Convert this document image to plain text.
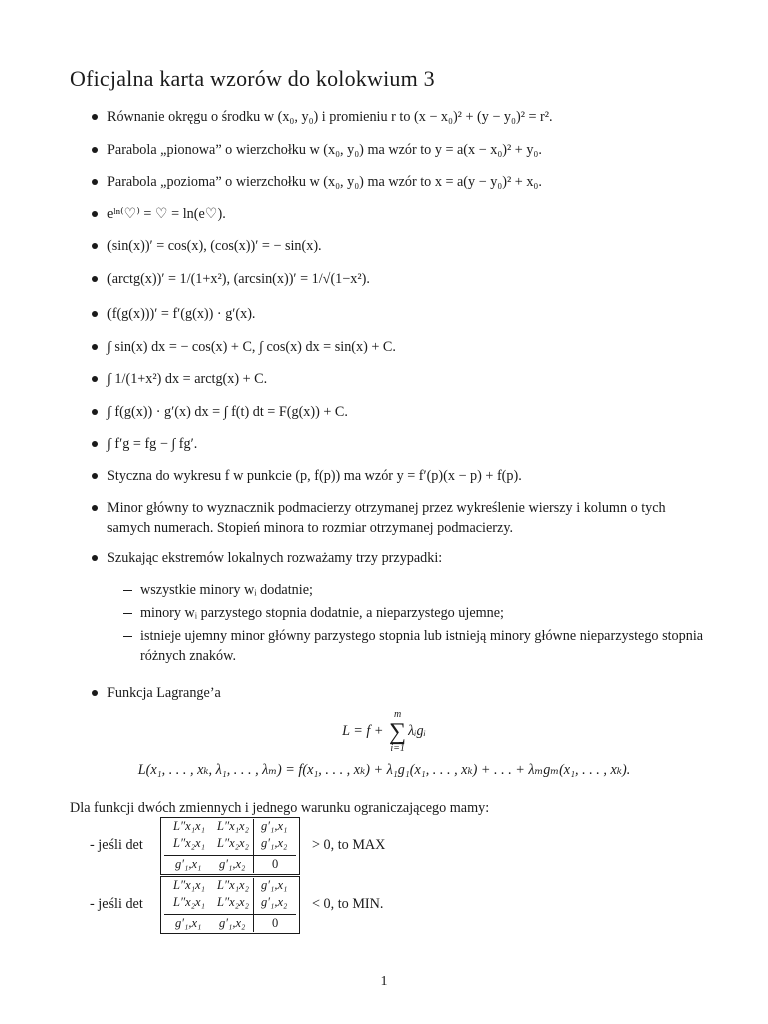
Oficjalna karta wzorów do kolokwium 3
Równanie okręgu o środku w (x₀, y₀) i promieniu r to (x − x₀)² + (y − y₀)² = r².
Parabola „pionowa” o wierzchołku w (x₀, y₀) ma wzór to y = a(x − x₀)² + y₀.
Parabola „pozioma” o wierzchołku w (x₀, y₀) ma wzór to x = a(y − y₀)² + x₀.
eˡⁿ⁽♡⁾ = ♡ = ln(e♡).
(sin(x))′ = cos(x), (cos(x))′ = − sin(x).
(arctg(x))′ = 1/(1+x²), (arcsin(x))′ = 1/√(1−x²).
(f(g(x)))′ = f′(g(x)) · g′(x).
∫ sin(x) dx = − cos(x) + C, ∫ cos(x) dx = sin(x) + C.
∫ 1/(1+x²) dx = arctg(x) + C.
∫ f(g(x)) · g′(x) dx = ∫ f(t) dt = F(g(x)) + C.
∫ f′g = fg − ∫ fg′.
Styczna do wykresu f w punkcie (p, f(p)) ma wzór y = f′(p)(x − p) + f(p).
Minor główny to wyznacznik podmacierzy otrzymanej przez wykreślenie wierszy i kolumn o tych samych numerach. Stopień minora to rozmiar otrzymanej podmacierzy.
Szukając ekstremów lokalnych rozważamy trzy przypadki:
wszystkie minory wᵢ dodatnie;
minory wᵢ parzystego stopnia dodatnie, a nieparzystego ujemne;
istnieje ujemny minor główny parzystego stopnia lub istnieją minory główne nieparzystego stopnia różnych znaków.
Funkcja Lagrange’a
L = f + m
∑
i=1λᵢgᵢ
L(x₁, . . . , xₖ, λ₁, . . . , λₘ) = f(x₁, . . . , xₖ) + λ₁g₁(x₁, . . . , xₖ) + . . . + λₘgₘ(x₁, . . . , xₖ).
Dla funkcji dwóch zmiennych i jednego warunku ograniczającego mamy:
- jeśli det
L″x₁x₁ L″x₁x₂ g′₁,x₁
L″x₂x₁ L″x₂x₂ g′₁,x₂
g′₁,x₁ g′₁,x₂ 0
> 0, to MAX
- jeśli det
L″x₁x₁ L″x₁x₂ g′₁,x₁
L″x₂x₁ L″x₂x₂ g′₁,x₂
g′₁,x₁ g′₁,x₂ 0
< 0, to MIN.
1
